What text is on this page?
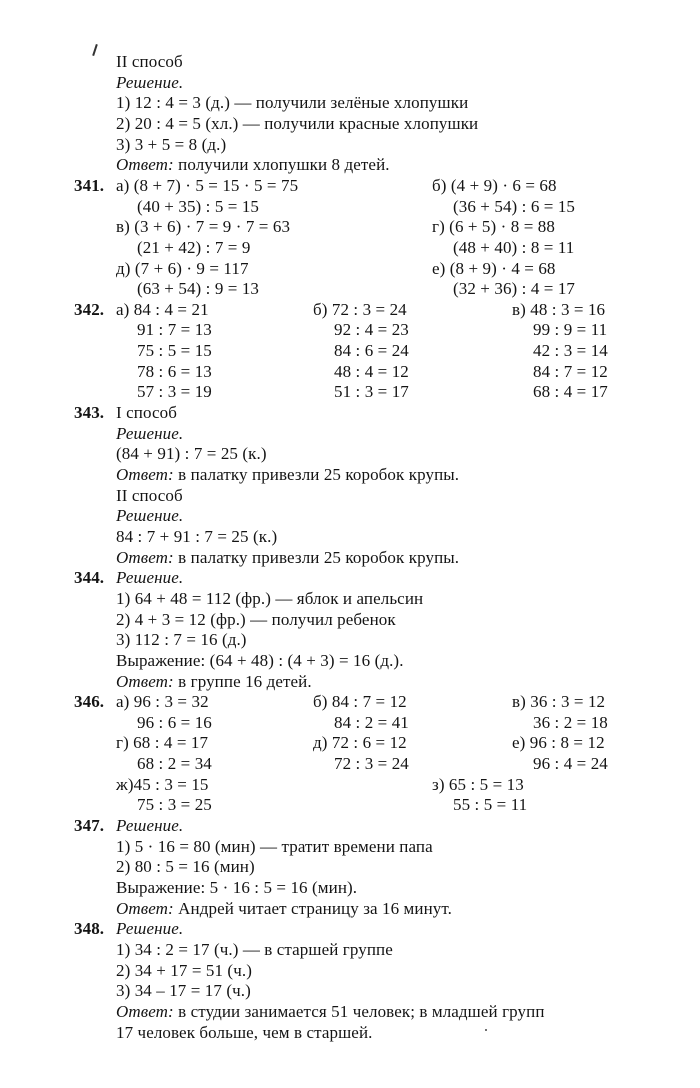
II способ
Решение.
1) 12 : 4 = 3 (д.) — получили зелёные хлопушки
2) 20 : 4 = 5 (хл.) — получили красные хлопушки
3) 3 + 5 = 8 (д.)
Ответ: получили хлопушки 8 детей.
341. а) (8 + 7) · 5 = 15 · 5 = 75	б) (4 + 9) · 6 = 68
(40 + 35) : 5 = 15	(36 + 54) : 6 = 15
в) (3 + 6) · 7 = 9 · 7 = 63	г) (6 + 5) · 8 = 88
(21 + 42) : 7 = 9	(48 + 40) : 8 = 11
д) (7 + 6) · 9 = 117	е) (8 + 9) · 4 = 68
(63 + 54) : 9 = 13	(32 + 36) : 4 = 17
342. а) 84 : 4 = 21	б) 72 : 3 = 24	в) 48 : 3 = 16
91 : 7 = 13	92 : 4 = 23	99 : 9 = 11
75 : 5 = 15	84 : 6 = 24	42 : 3 = 14
78 : 6 = 13	48 : 4 = 12	84 : 7 = 12
57 : 3 = 19	51 : 3 = 17	68 : 4 = 17
343. I способ
Решение.
(84 + 91) : 7 = 25 (к.)
Ответ: в палатку привезли 25 коробок крупы.
II способ
Решение.
84 : 7 + 91 : 7 = 25 (к.)
Ответ: в палатку привезли 25 коробок крупы.
344. Решение.
1) 64 + 48 = 112 (фр.) — яблок и апельсин
2) 4 + 3 = 12 (фр.) — получил ребенок
3) 112 : 7 = 16 (д.)
Выражение: (64 + 48) : (4 + 3) = 16 (д.).
Ответ: в группе 16 детей.
346. а) 96 : 3 = 32	б) 84 : 7 = 12	в) 36 : 3 = 12
96 : 6 = 16	84 : 2 = 41	36 : 2 = 18
г) 68 : 4 = 17	д) 72 : 6 = 12	е) 96 : 8 = 12
68 : 2 = 34	72 : 3 = 24	96 : 4 = 24
ж)45 : 3 = 15	з) 65 : 5 = 13
75 : 3 = 25	55 : 5 = 11
347. Решение.
1) 5 · 16 = 80 (мин) — тратит времени папа
2) 80 : 5 = 16 (мин)
Выражение: 5 · 16 : 5 = 16 (мин).
Ответ: Андрей читает страницу за 16 минут.
348. Решение.
1) 34 : 2 = 17 (ч.) — в старшей группе
2) 34 + 17 = 51 (ч.)
3) 34 – 17 = 17 (ч.)
Ответ: в студии занимается 51 человек; в младшей групп
17 человек больше, чем в старшей.
